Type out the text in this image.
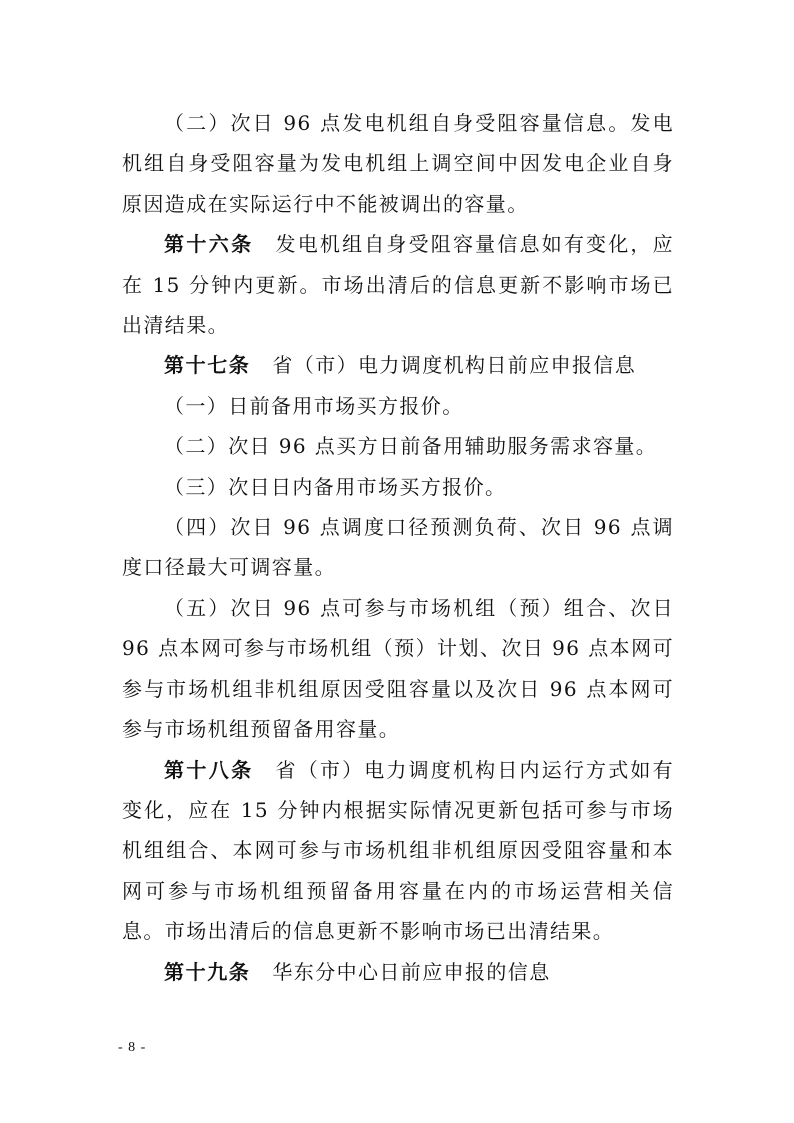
（二）次日 96 点发电机组自身受阻容量信息。发电机组自身受阻容量为发电机组上调空间中因发电企业自身原因造成在实际运行中不能被调出的容量。

第十六条 发电机组自身受阻容量信息如有变化，应在 15 分钟内更新。市场出清后的信息更新不影响市场已出清结果。

第十七条 省（市）电力调度机构日前应申报信息

（一）日前备用市场买方报价。

（二）次日 96 点买方日前备用辅助服务需求容量。

（三）次日日内备用市场买方报价。

（四）次日 96 点调度口径预测负荷、次日 96 点调度口径最大可调容量。

（五）次日 96 点可参与市场机组（预）组合、次日 96 点本网可参与市场机组（预）计划、次日 96 点本网可参与市场机组非机组原因受阻容量以及次日 96 点本网可参与市场机组预留备用容量。

第十八条 省（市）电力调度机构日内运行方式如有变化，应在 15 分钟内根据实际情况更新包括可参与市场机组组合、本网可参与市场机组非机组原因受阻容量和本网可参与市场机组预留备用容量在内的市场运营相关信息。市场出清后的信息更新不影响市场已出清结果。

第十九条 华东分中心日前应申报的信息

- 8 -
